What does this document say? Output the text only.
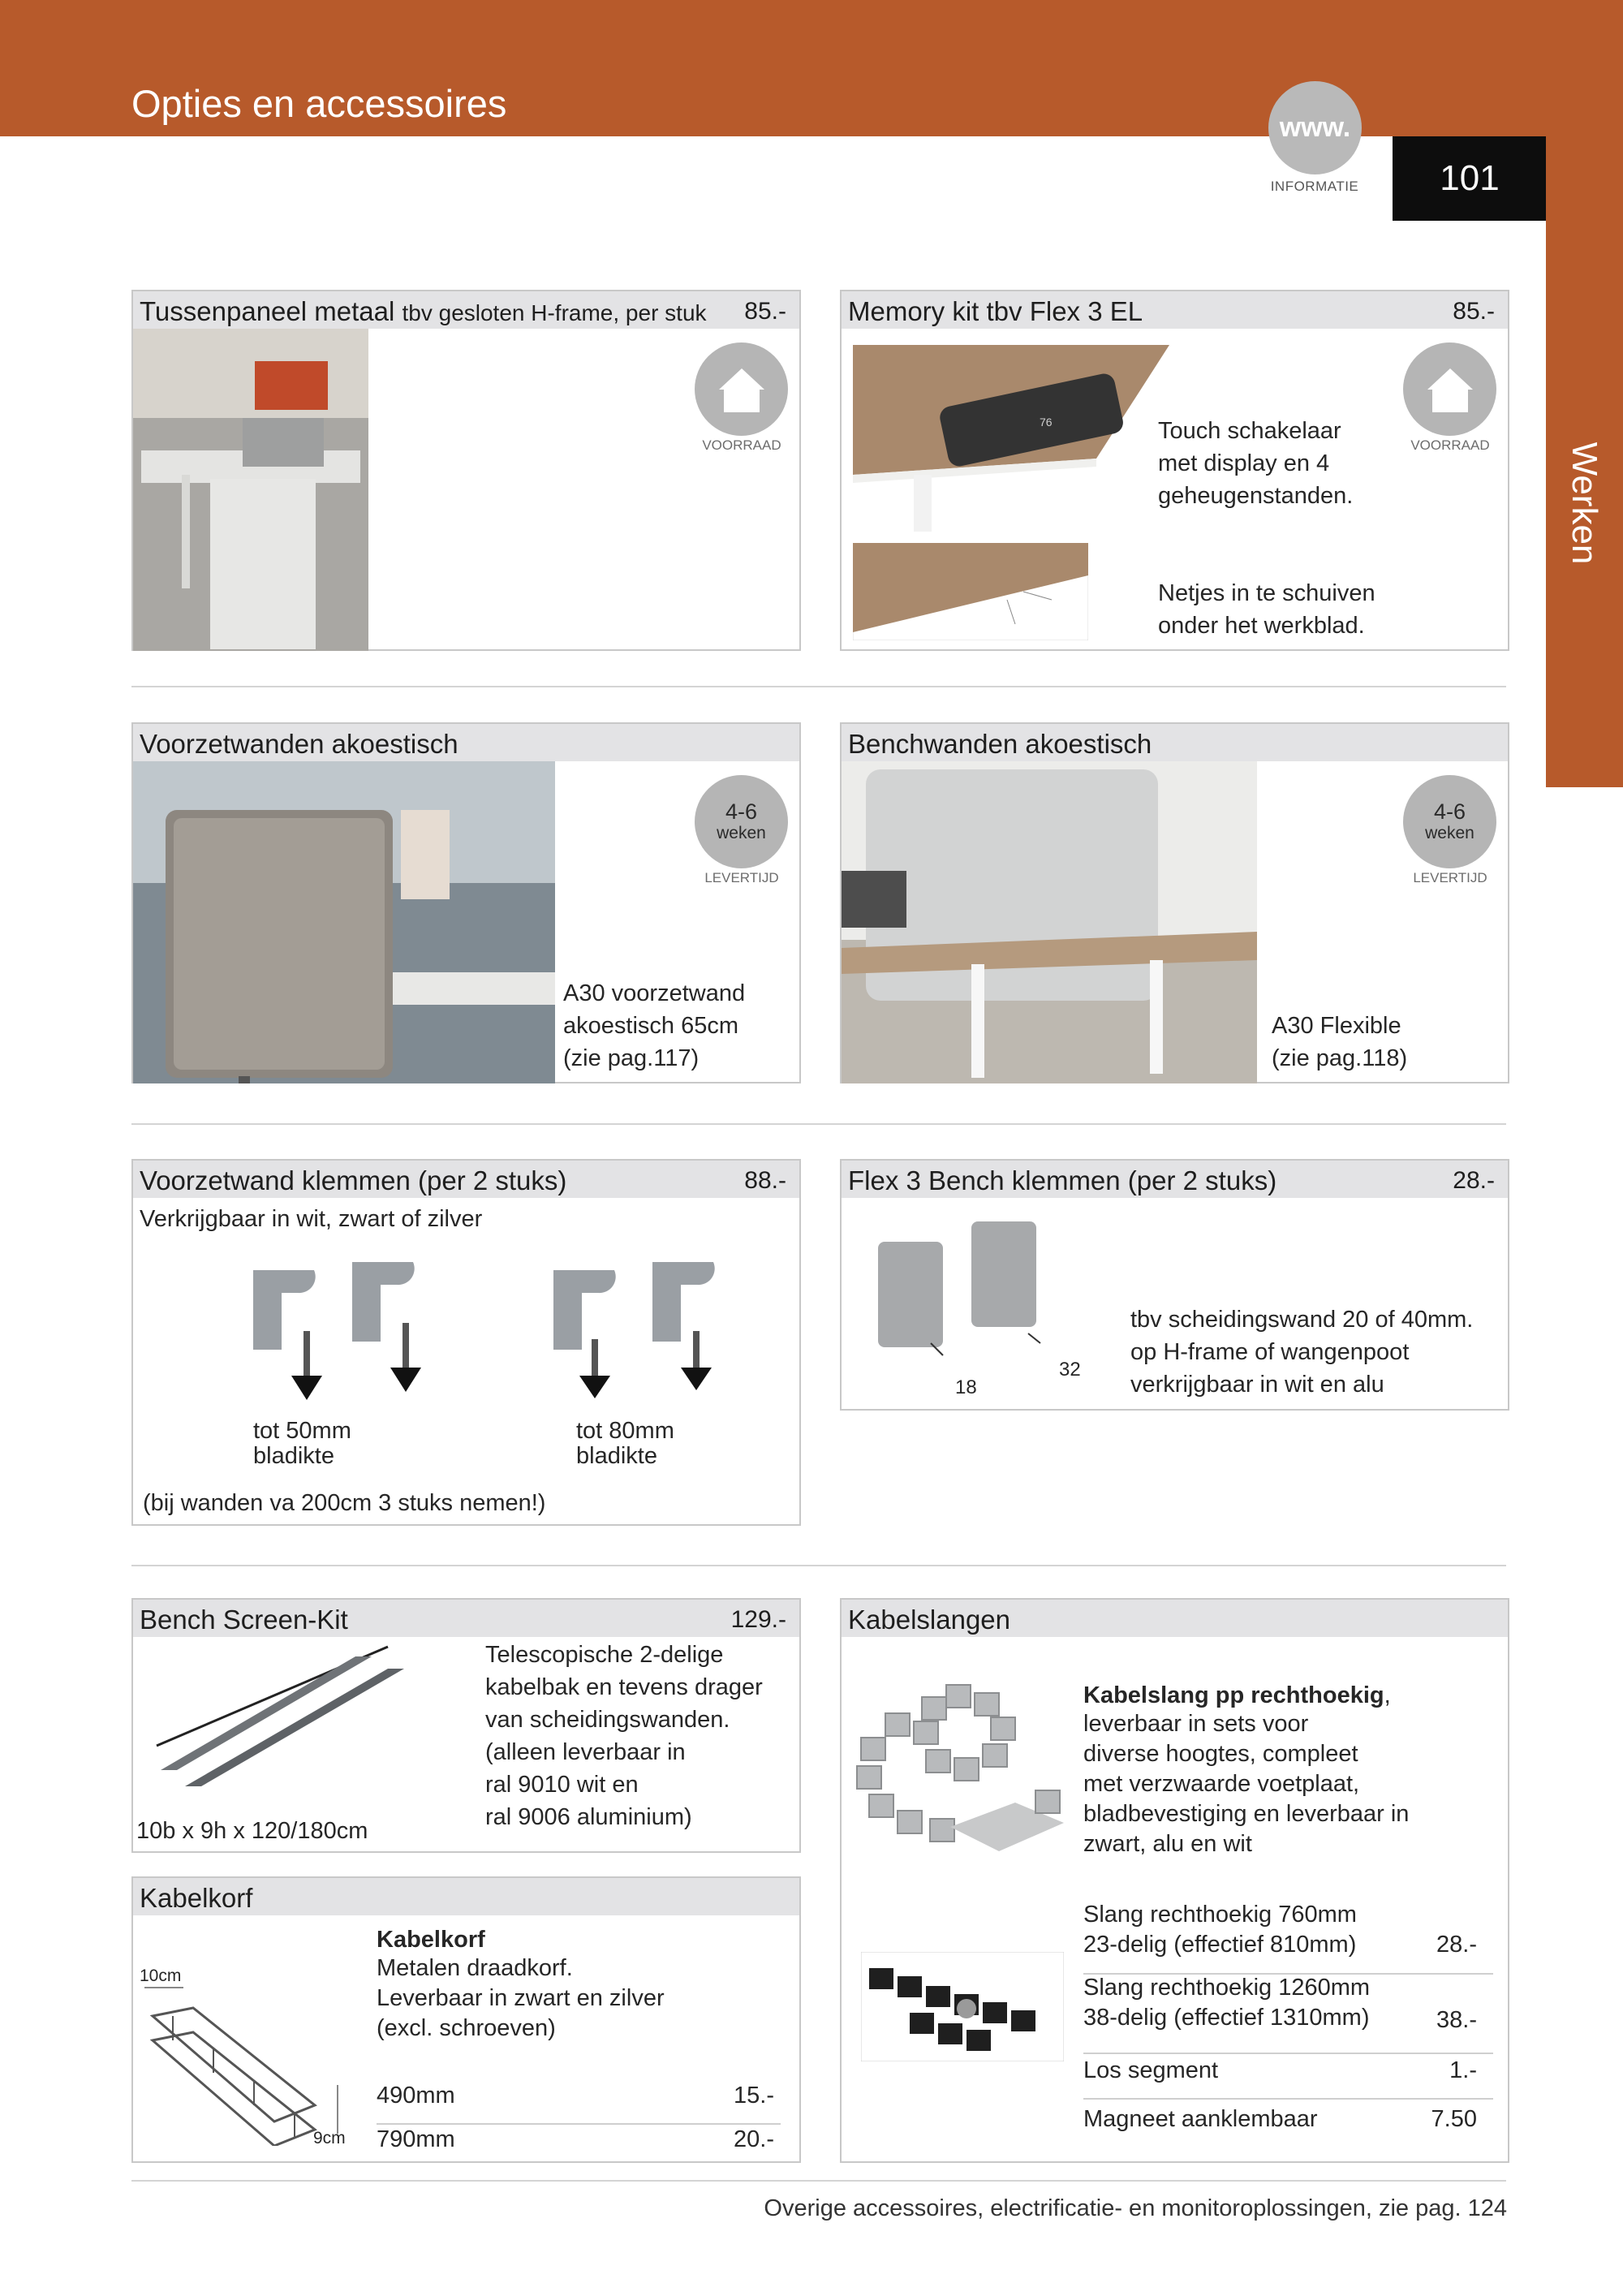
Opties en accessoires
www.
INFORMATIE	101
Werken
Tussenpaneel metaal tbv gesloten H-frame, per stuk 85.-
VOORRAAD
Memory kit tbv Flex 3 EL	85.-
76	Touch schakelaar
met display en 4
geheugenstanden.
Netjes in te schuiven
onder het werkblad.
VOORRAAD
Voorzetwanden akoestisch
A30 voorzetwand
akoestisch 65cm
(zie pag.117)
4-6
weken
LEVERTIJD
Benchwanden akoestisch
A30 Flexible
(zie pag.118)
4-6
weken
LEVERTIJD
Voorzetwand klemmen (per 2 stuks)	88.-
Verkrijgbaar in wit, zwart of zilver
tot 50mm
bladikte
tot 80mm
bladikte
(bij wanden va 200cm 3 stuks nemen!)
Flex 3 Bench klemmen (per 2 stuks)	28.-
18
32
tbv scheidingswand 20 of 40mm.
op H-frame of wangenpoot
verkrijgbaar in wit en alu
Bench Screen-Kit	129.-
10b x 9h x 120/180cm
Telescopische 2-delige
kabelbak en tevens drager
van scheidingswanden.
(alleen leverbaar in
ral 9010 wit en
ral 9006 aluminium)
Kabelkorf
10cm
9cm
Kabelkorf
Metalen draadkorf.
Leverbaar in zwart en zilver
(excl. schroeven)
490mm	15.-
790mm	20.-
Kabelslangen
Kabelslang pp rechthoekig,
leverbaar in sets voor
diverse hoogtes, compleet
met verzwaarde voetplaat,
bladbevestiging en leverbaar in
zwart, alu en wit
Slang rechthoekig 760mm
23-delig (effectief 810mm)	28.-
Slang rechthoekig 1260mm
38-delig (effectief 1310mm)	38.-
Los segment	1.-
Magneet aanklembaar	7.50
Overige accessoires, electrificatie- en monitoroplossingen, zie pag. 124
